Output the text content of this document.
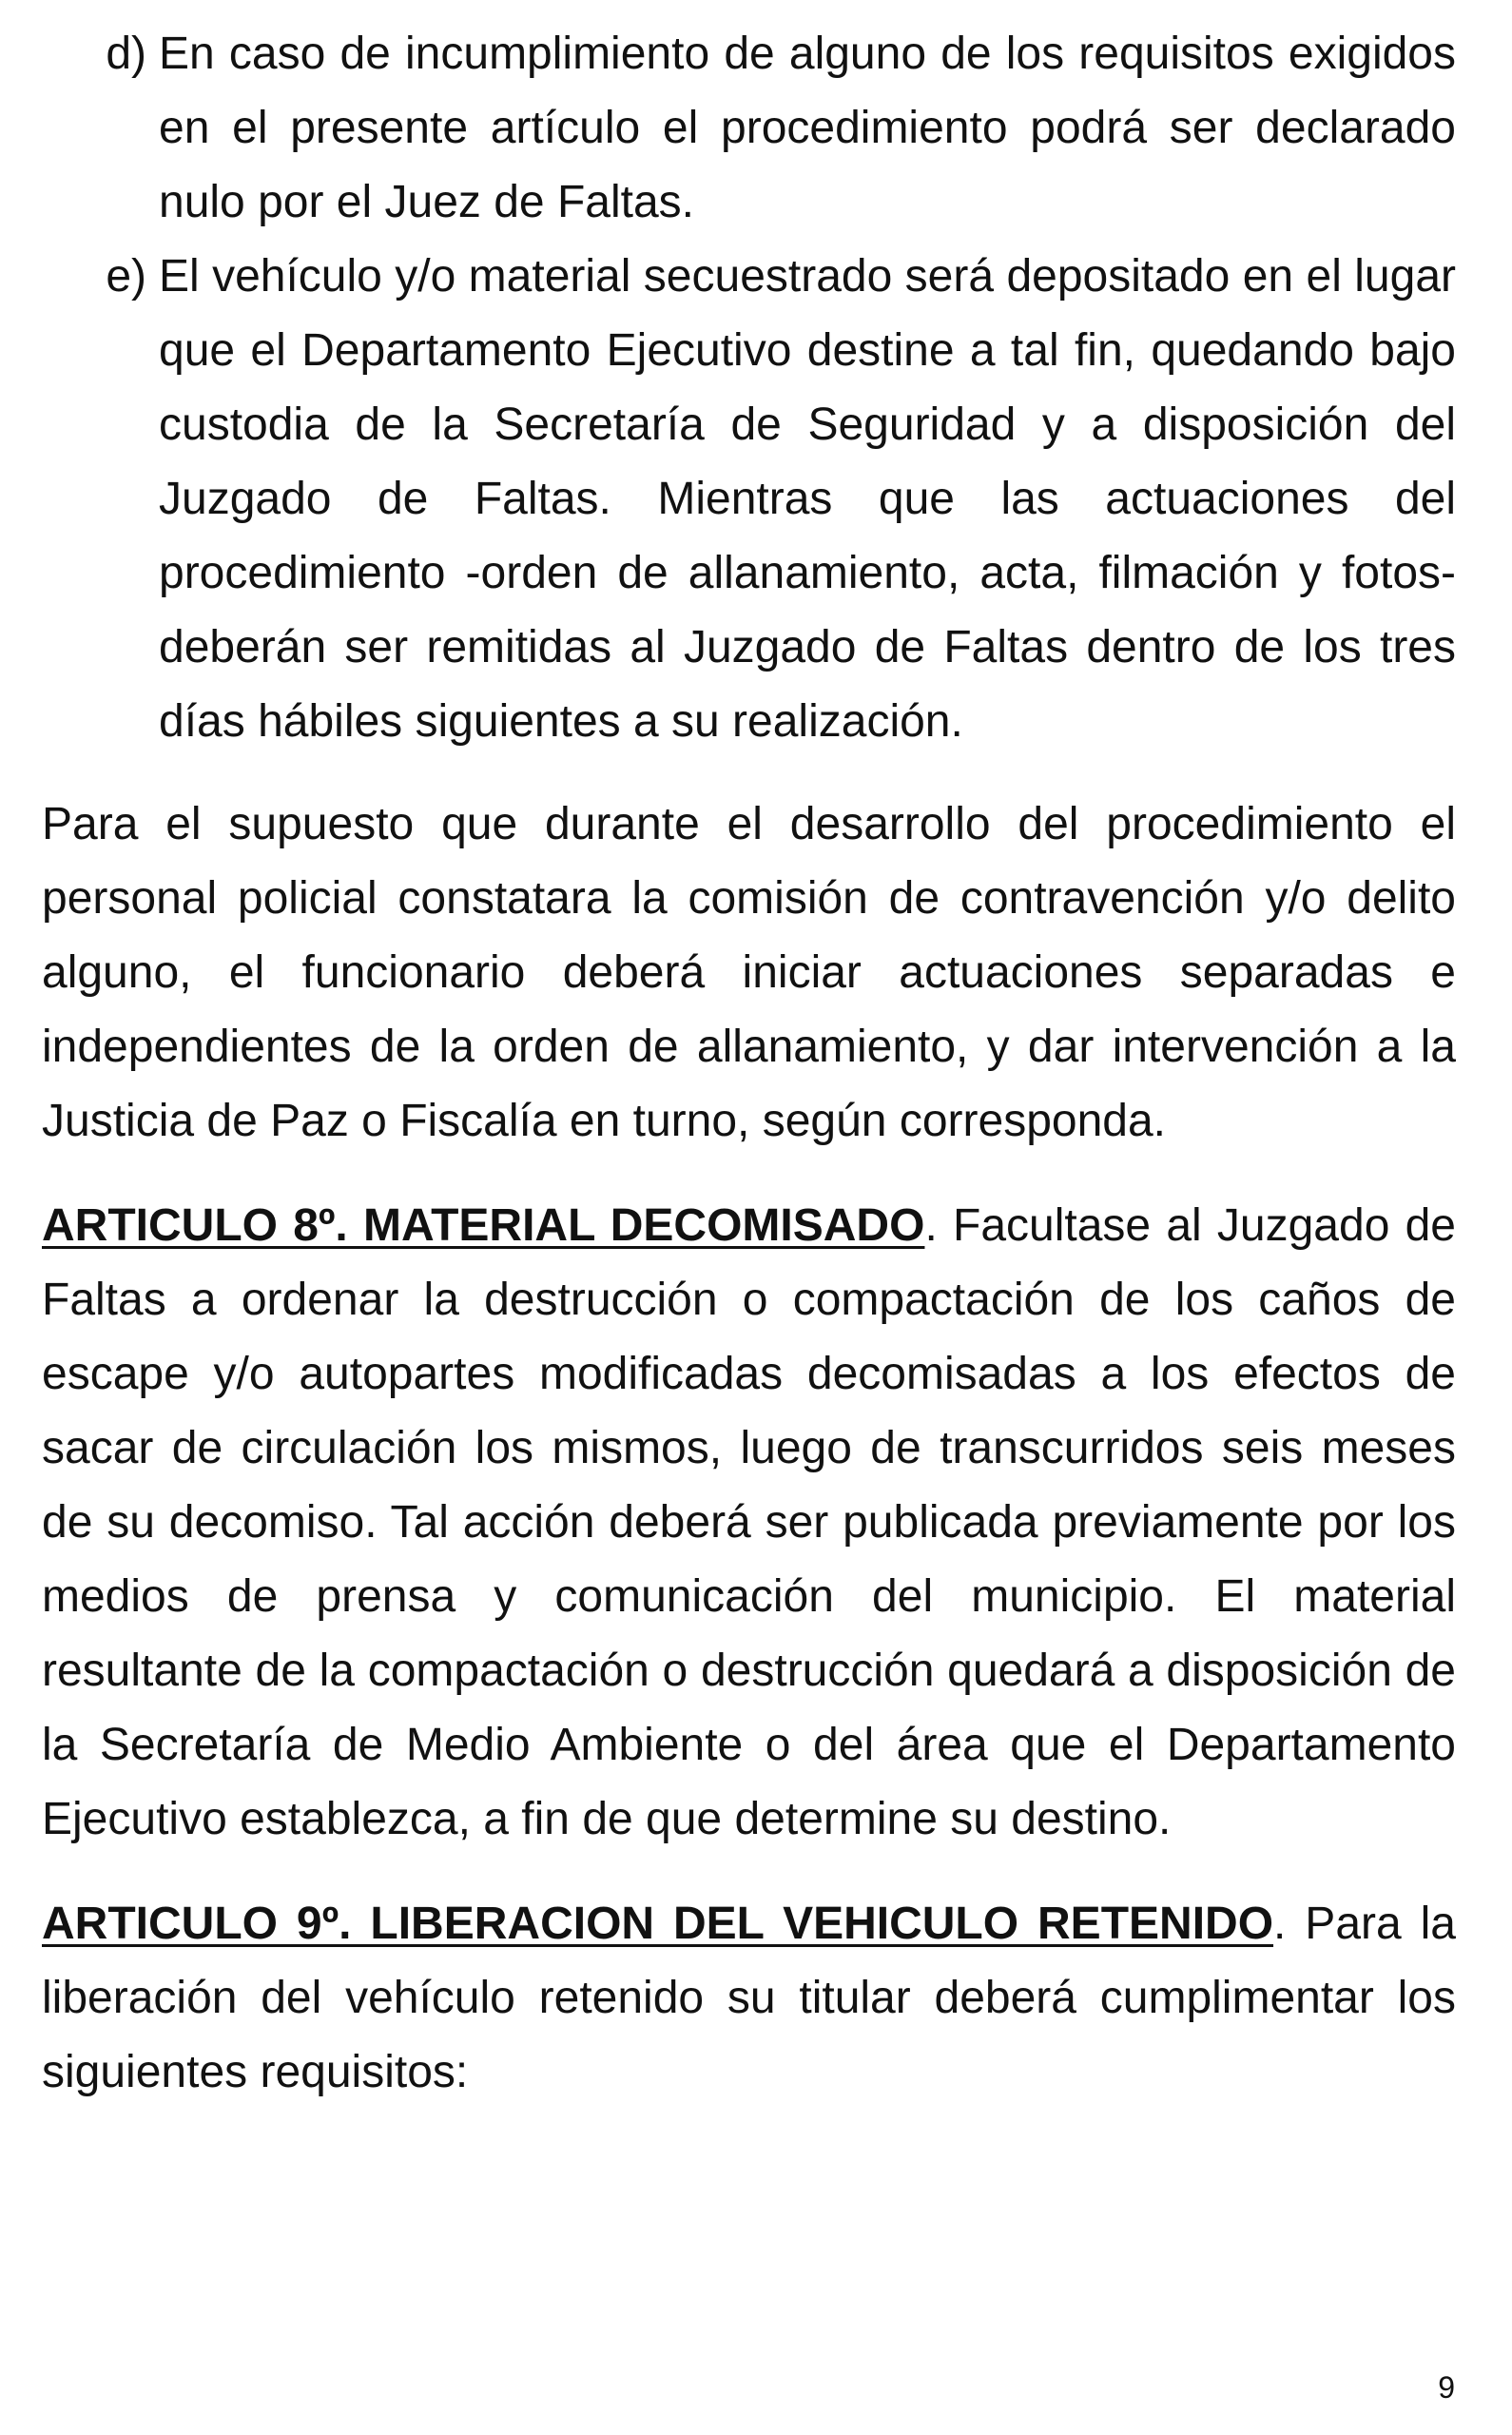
d) En caso de incumplimiento de alguno de los requisitos exigidos en el presente artículo el procedimiento podrá ser declarado nulo por el Juez de Faltas.
e) El vehículo y/o material secuestrado será depositado en el lugar que el Departamento Ejecutivo destine a tal fin, quedando bajo custodia de la Secretaría de Seguridad y a disposición del Juzgado de Faltas. Mientras que las actuaciones del procedimiento -orden de allanamiento, acta, filmación y fotos- deberán ser remitidas al Juzgado de Faltas dentro de los tres días hábiles siguientes a su realización.

Para el supuesto que durante el desarrollo del procedimiento el personal policial constatara la comisión de contravención y/o delito alguno, el funcionario deberá iniciar actuaciones separadas e independientes de la orden de allanamiento, y dar intervención a la Justicia de Paz o Fiscalía en turno, según corresponda.

ARTICULO 8º. MATERIAL DECOMISADO. Facultase al Juzgado de Faltas a ordenar la destrucción o compactación de los caños de escape y/o autopartes modificadas decomisadas a los efectos de sacar de circulación los mismos, luego de transcurridos seis meses de su decomiso. Tal acción deberá ser publicada previamente por los medios de prensa y comunicación del municipio. El material resultante de la compactación o destrucción quedará a disposición de la Secretaría de Medio Ambiente o del área que el Departamento Ejecutivo establezca, a fin de que determine su destino.

ARTICULO 9º. LIBERACION DEL VEHICULO RETENIDO. Para la liberación del vehículo retenido su titular deberá cumplimentar los siguientes requisitos:

9
